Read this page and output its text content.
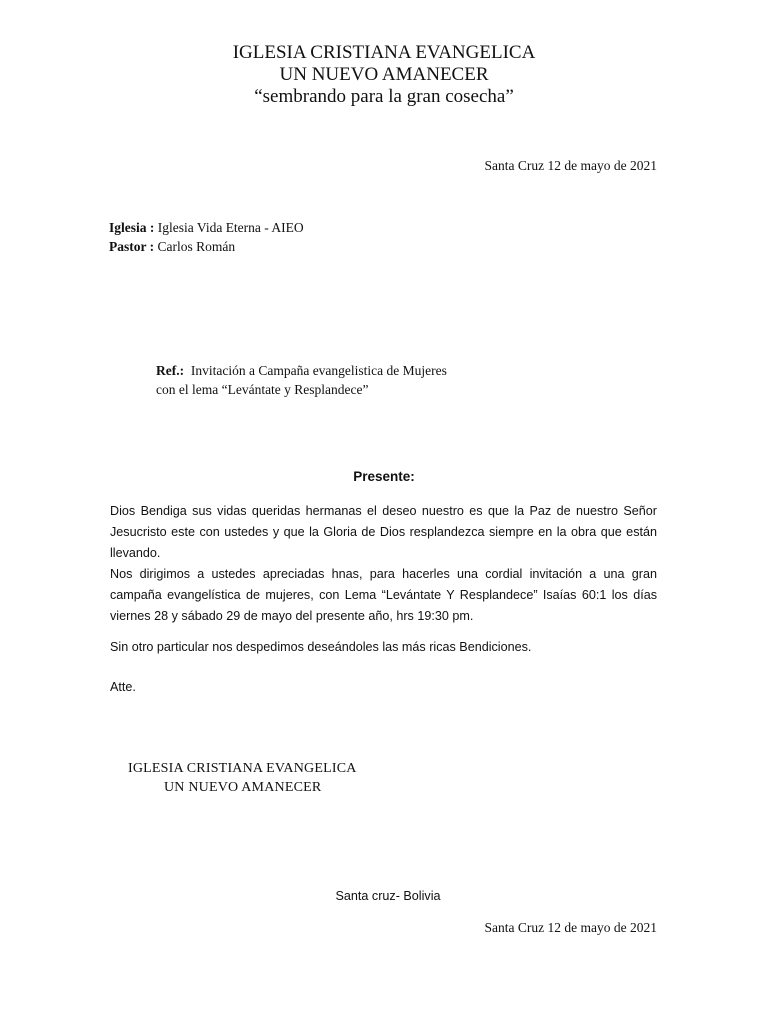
IGLESIA CRISTIANA EVANGELICA
UN NUEVO AMANECER
“sembrando para la gran cosecha”
Santa Cruz 12 de mayo de 2021
Iglesia : Iglesia Vida Eterna - AIEO
Pastor : Carlos Román
Ref.: Invitación a Campaña evangelistica de Mujeres
con el lema “Levántate y Resplandece”
Presente:

Dios Bendiga sus vidas queridas hermanas el deseo nuestro es que la Paz de nuestro Señor Jesucristo este con ustedes y que la Gloria de Dios resplandezca siempre en la obra que están llevando.

Nos dirigimos a ustedes apreciadas hnas, para hacerles una cordial invitación a una gran campaña evangelística de mujeres, con Lema “Levántate Y Resplandece” Isaías 60:1 los días viernes 28 y sábado 29 de mayo del presente año, hrs 19:30 pm.

Sin otro particular nos despedimos deseándoles las más ricas Bendiciones.

Atte.

IGLESIA CRISTIANA EVANGELICA
UN NUEVO AMANECER
Santa cruz- Bolivia
Santa Cruz 12 de mayo de 2021
